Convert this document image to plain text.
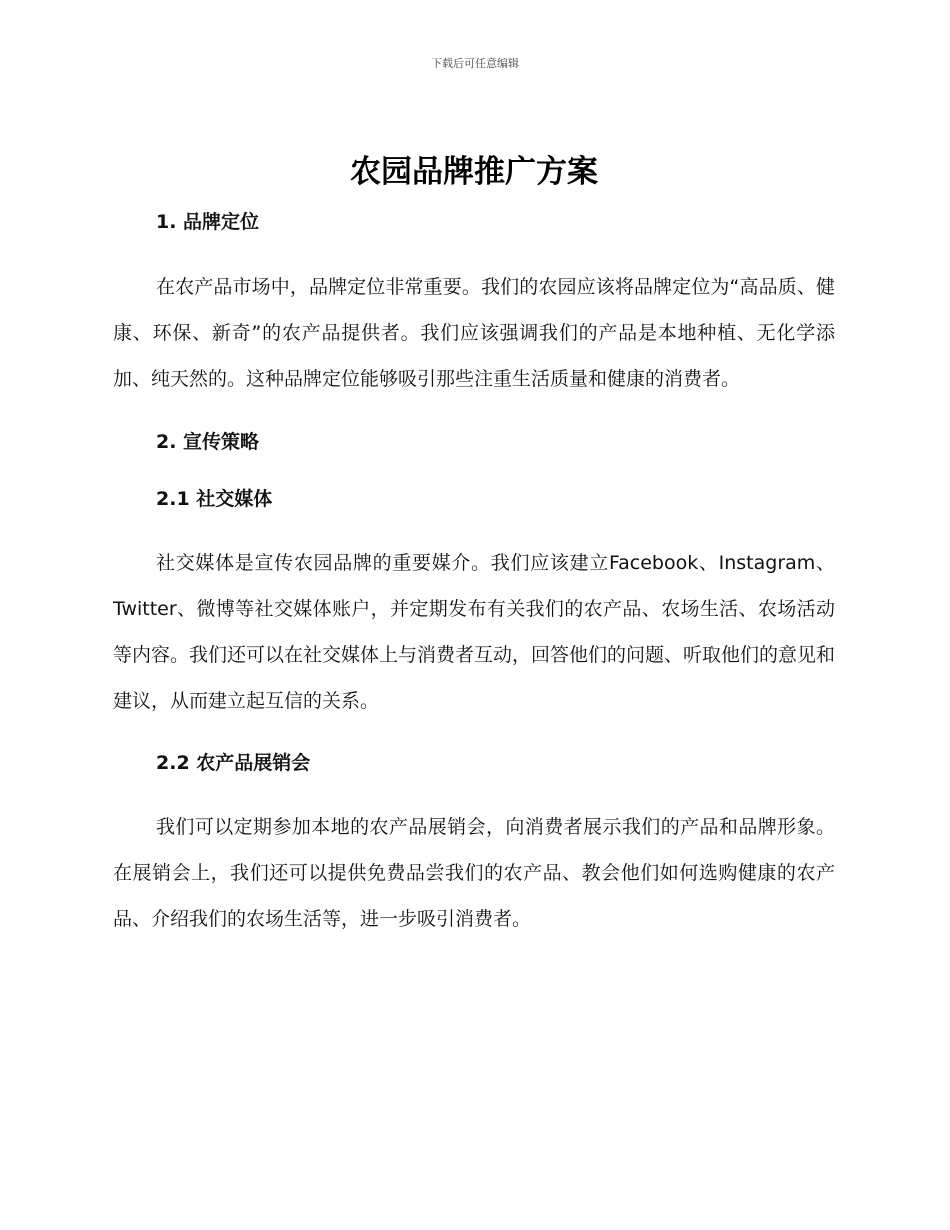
下载后可任意编辑
农园品牌推广方案
1. 品牌定位

在农产品市场中，品牌定位非常重要。我们的农园应该将品牌定位为“高品质、健康、环保、新奇”的农产品提供者。我们应该强调我们的产品是本地种植、无化学添加、纯天然的。这种品牌定位能够吸引那些注重生活质量和健康的消费者。

2. 宣传策略
2.1 社交媒体

社交媒体是宣传农园品牌的重要媒介。我们应该建立Facebook、Instagram、Twitter、微博等社交媒体账户，并定期发布有关我们的农产品、农场生活、农场活动等内容。我们还可以在社交媒体上与消费者互动，回答他们的问题、听取他们的意见和建议，从而建立起互信的关系。

2.2 农产品展销会

我们可以定期参加本地的农产品展销会，向消费者展示我们的产品和品牌形象。在展销会上，我们还可以提供免费品尝我们的农产品、教会他们如何选购健康的农产品、介绍我们的农场生活等，进一步吸引消费者。
